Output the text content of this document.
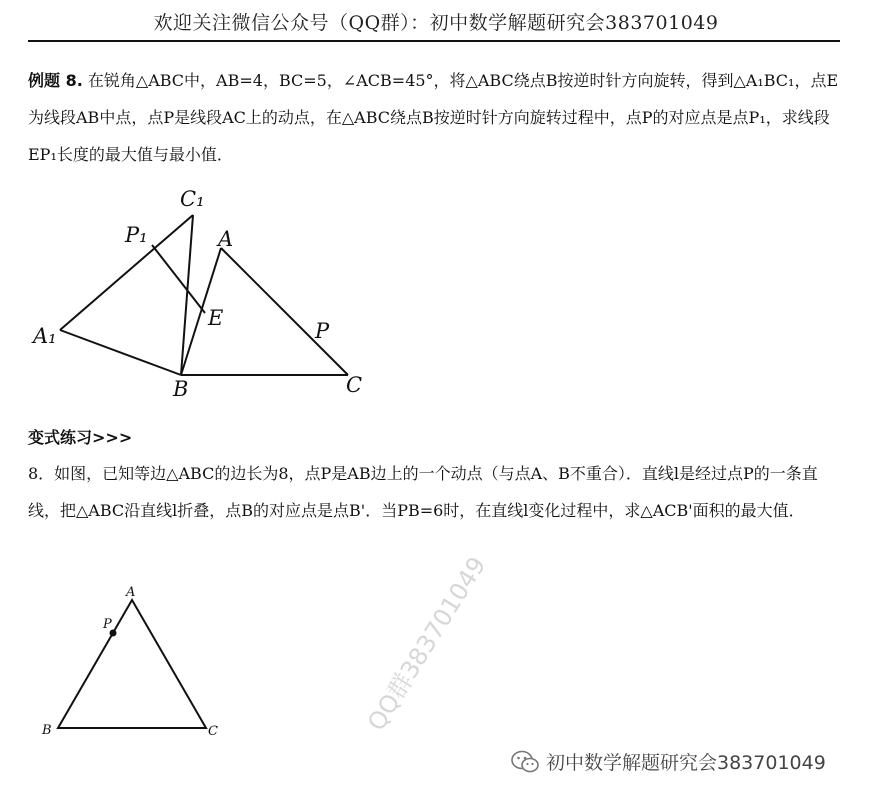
欢迎关注微信公众号（QQ群）：初中数学解题研究会383701049

例题 8. 在锐角△ABC中，AB=4，BC=5，∠ACB=45°，将△ABC绕点B按逆时针方向旋转，得到△A₁BC₁，点E为线段AB中点，点P是线段AC上的动点，在△ABC绕点B按逆时针方向旋转过程中，点P的对应点是点P₁，求线段EP₁长度的最大值与最小值．

C₁
P₁	A
E
A₁	P
B	C
变式练习>>>

8．如图，已知等边△ABC的边长为8，点P是AB边上的一个动点（与点A、B不重合）．直线l是经过点P的一条直线，把△ABC沿直线l折叠，点B的对应点是点B'．当PB=6时，在直线l变化过程中，求△ACB'面积的最大值．

A
P
B	C	QQ群383701049
初中数学解题研究会383701049
